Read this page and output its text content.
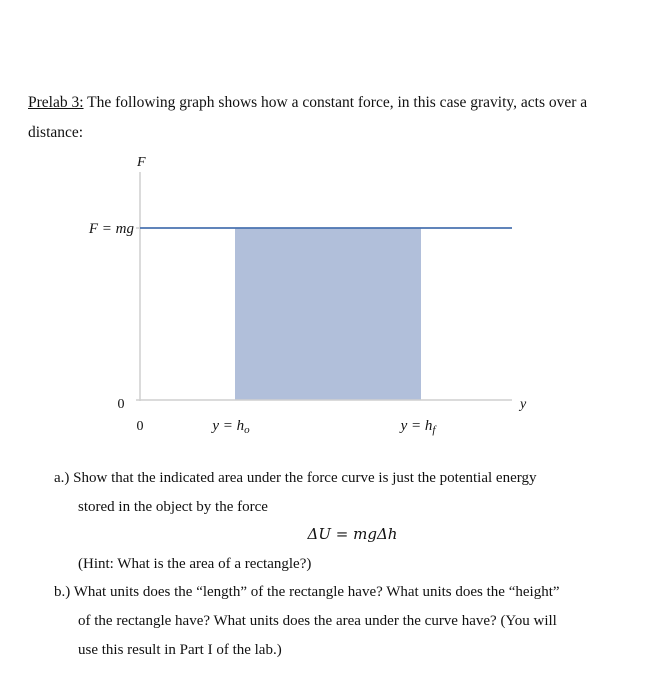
Prelab 3: The following graph shows how a constant force, in this case gravity, acts over a distance:
F
F = mg
0
0
y
$y = h_o$	$y = h_f$
a.) Show that the indicated area under the force curve is just the potential energy
stored in the object by the force
ΔU = mgΔh
(Hint: What is the area of a rectangle?)
b.) What units does the “length” of the rectangle have? What units does the “height”
of the rectangle have? What units does the area under the curve have? (You will
use this result in Part I of the lab.)
